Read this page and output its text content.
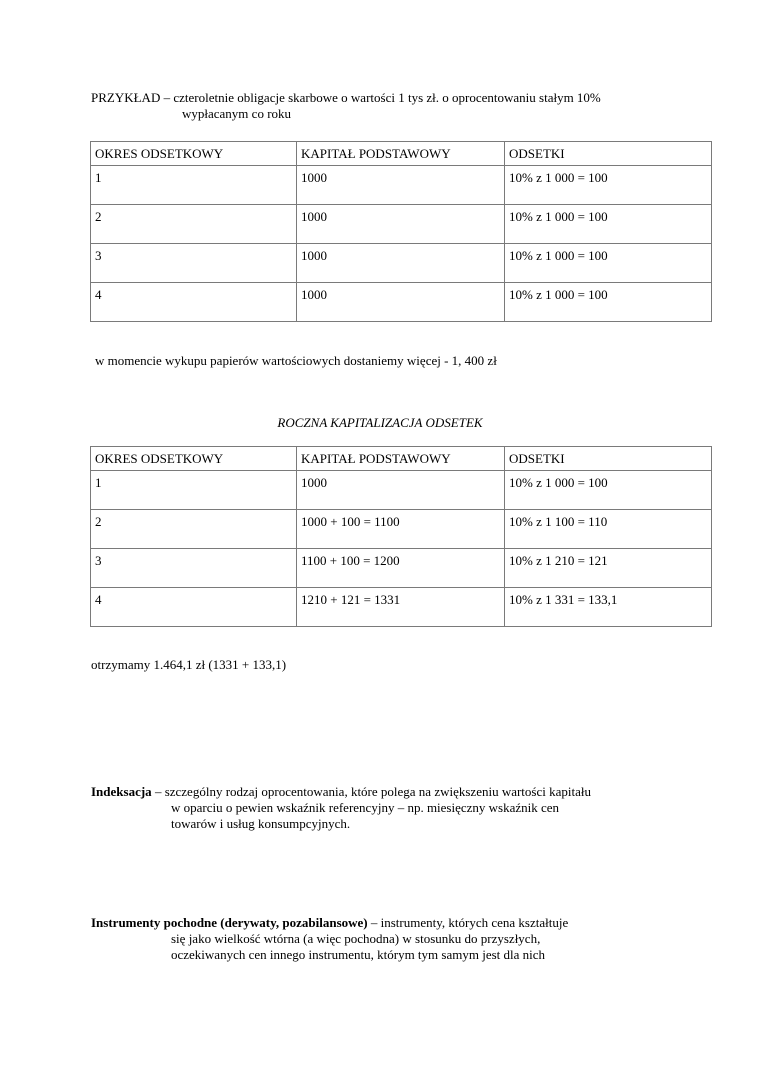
PRZYKŁAD – czteroletnie obligacje skarbowe o wartości 1 tys zł. o oprocentowaniu stałym 10%
wypłacanym co roku
OKRES ODSETKOWY	KAPITAŁ PODSTAWOWY	ODSETKI
1	1000	10% z 1 000 = 100
2	1000	10% z 1 000 = 100
3	1000	10% z 1 000 = 100
4	1000	10% z 1 000 = 100
w momencie wykupu papierów wartościowych dostaniemy więcej - 1, 400 zł
ROCZNA KAPITALIZACJA ODSETEK
OKRES ODSETKOWY	KAPITAŁ PODSTAWOWY	ODSETKI
1	1000	10% z 1 000 = 100
2	1000 + 100 = 1100	10% z 1 100 = 110
3	1100 + 100 = 1200	10% z 1 210 = 121
4	1210 + 121 = 1331	10% z 1 331 = 133,1
otrzymamy 1.464,1 zł (1331 + 133,1)
Indeksacja – szczególny rodzaj oprocentowania, które polega na zwiększeniu wartości kapitału
w oparciu o pewien wskaźnik referencyjny – np. miesięczny wskaźnik cen
towarów i usług konsumpcyjnych.
Instrumenty pochodne (derywaty, pozabilansowe) – instrumenty, których cena kształtuje
się jako wielkość wtórna (a więc pochodna) w stosunku do przyszłych,
oczekiwanych cen innego instrumentu, którym tym samym jest dla nich
